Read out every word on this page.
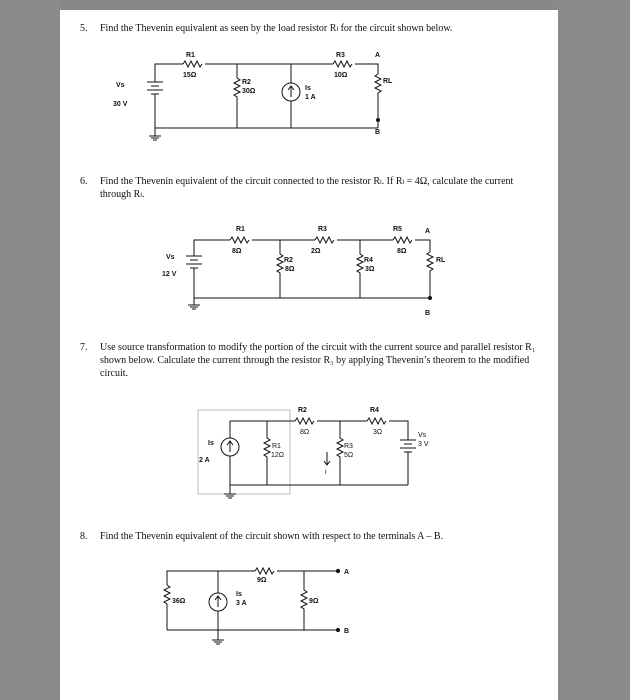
5. Find the Thevenin equivalent as seen by the load resistor Rₗ for the circuit shown below.
6. Find the Thevenin equivalent of the circuit connected to the resistor Rₗ. If Rₗ = 4Ω, calculate the current through Rₗ.
7. Use source transformation to modify the portion of the circuit with the current source and parallel resistor R₁ shown below. Calculate the current through the resistor R₃ by applying Thevenin’s theorem to the modified circuit.
8. Find the Thevenin equivalent of the circuit shown with respect to the terminals A – B.
R1
15Ω
R3
10Ω
A
RL
B
R2
30Ω	Is
1 A
Vs
30 V
R1
8Ω
R3
2Ω
R5
8Ω
A
RL
B
R2
8Ω
R4
3Ω
Vs
12 V
R2
8Ω
R4
3Ω
Is
2 A
R1
12Ω
R3
5Ω
i
Vs
3 V
9Ω
A
36Ω
Is
3 A	9Ω
B
